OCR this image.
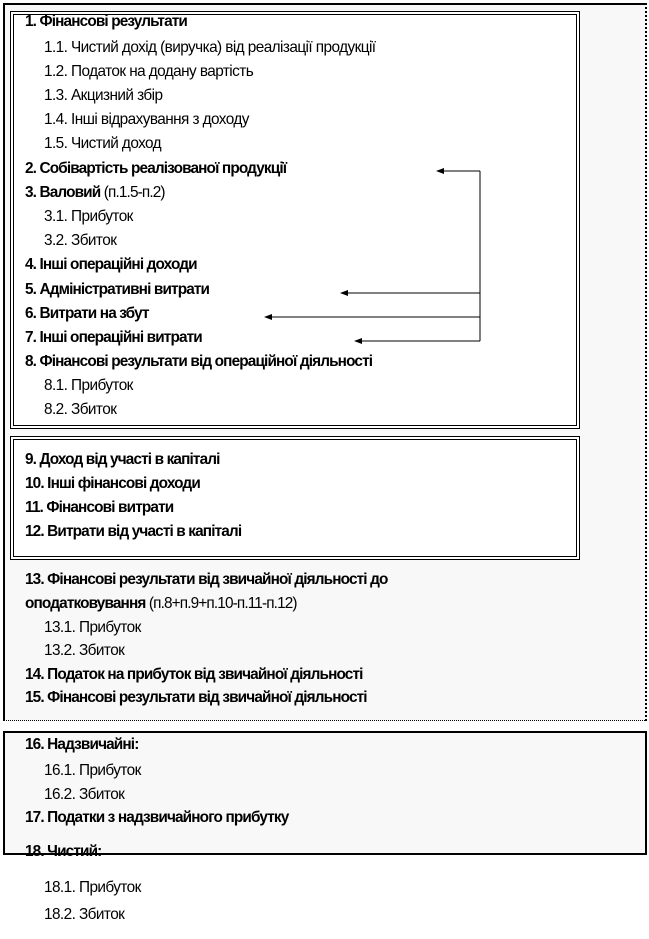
1. Фінансові результати
1.1. Чистий дохід (виручка) від реалізації продукції
1.2. Податок на додану вартість
1.3. Акцизний збір
1.4. Інші відрахування з доходу
1.5. Чистий доход
2. Собівартість реалізованої продукції
3. Валовий (п.1.5-п.2)
3.1. Прибуток
3.2. Збиток
4. Інші операційні доходи
5. Адміністративні витрати
6. Витрати на збут
7. Інші операційні витрати
8. Фінансові результати від операційної діяльності
8.1. Прибуток
8.2. Збиток
9. Доход від участі в капіталі
10. Інші фінансові доходи
11. Фінансові витрати
12. Витрати від участі в капіталі
13. Фінансові результати від звичайної діяльності до
оподатковування (п.8+п.9+п.10-п.11-п.12)
13.1. Прибуток
13.2. Збиток
14. Податок на прибуток від звичайної діяльності
15. Фінансові результати від звичайної діяльності
16. Надзвичайні:
16.1. Прибуток
16.2. Збиток
17. Податки з надзвичайного прибутку
18. Чистий:
18.1. Прибуток
18.2. Збиток
